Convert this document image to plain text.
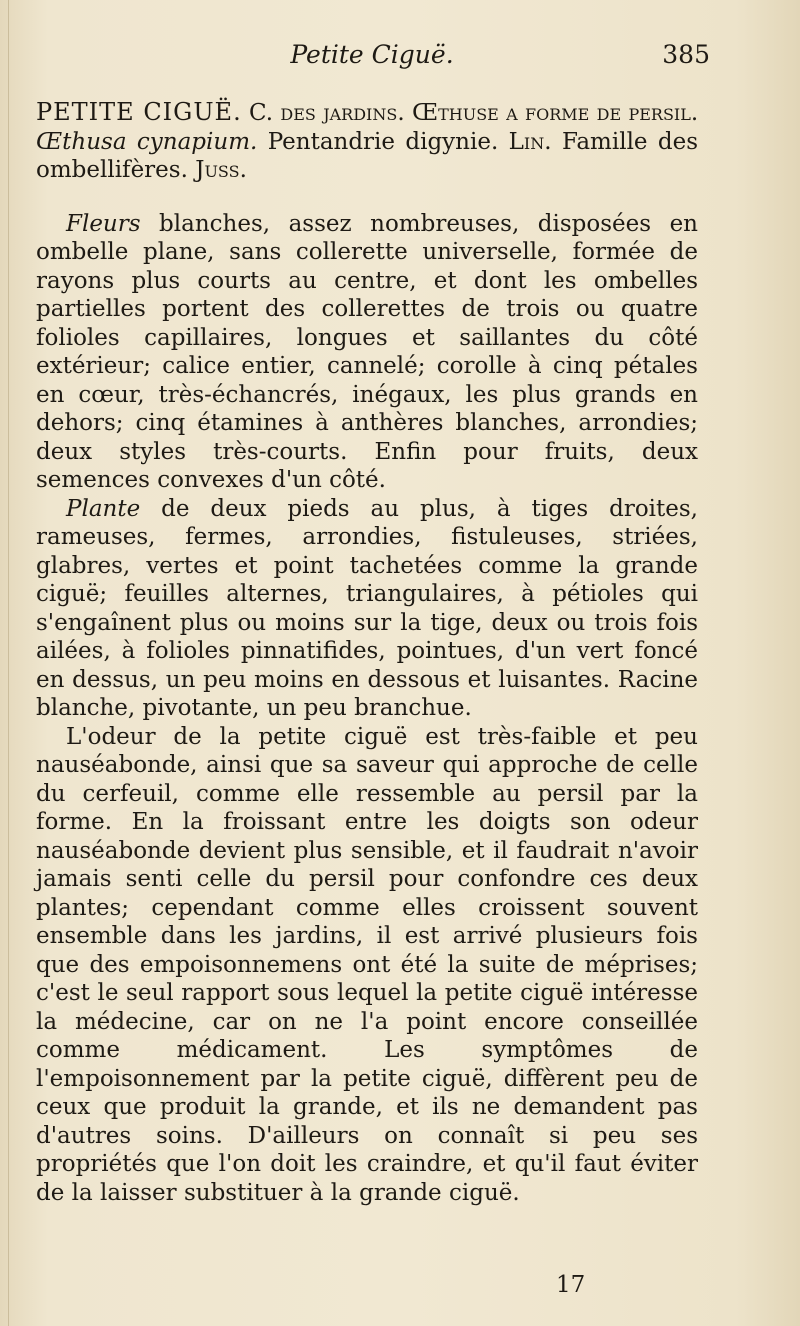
Petite Ciguë.	385

PETITE CIGUË. C. des jardins. Œthuse a forme de persil.

Œthusa cynapium. Pentandrie digynie. Lin. Famille des ombellifères. Juss.

Fleurs blanches, assez nombreuses, disposées en ombelle plane, sans collerette universelle, formée de rayons plus courts au centre, et dont les ombelles partielles portent des collerettes de trois ou quatre folioles capillaires, longues et saillantes du côté extérieur; calice entier, cannelé; corolle à cinq pétales en cœur, très-échancrés, inégaux, les plus grands en dehors; cinq étamines à anthères blanches, arrondies; deux styles très-courts. Enfin pour fruits, deux semences convexes d'un côté.

Plante de deux pieds au plus, à tiges droites, rameuses, fermes, arrondies, fistuleuses, striées, glabres, vertes et point tachetées comme la grande ciguë; feuilles alternes, triangulaires, à pétioles qui s'engaînent plus ou moins sur la tige, deux ou trois fois ailées, à folioles pinnatifides, pointues, d'un vert foncé en dessus, un peu moins en dessous et luisantes. Racine blanche, pivotante, un peu branchue.

L'odeur de la petite ciguë est très-faible et peu nauséabonde, ainsi que sa saveur qui approche de celle du cerfeuil, comme elle ressemble au persil par la forme. En la froissant entre les doigts son odeur nauséabonde devient plus sensible, et il faudrait n'avoir jamais senti celle du persil pour confondre ces deux plantes; cependant comme elles croissent souvent ensemble dans les jardins, il est arrivé plusieurs fois que des empoisonnemens ont été la suite de méprises; c'est le seul rapport sous lequel la petite ciguë intéresse la médecine, car on ne l'a point encore conseillée comme médicament. Les symptômes de l'empoisonnement par la petite ciguë, diffèrent peu de ceux que produit la grande, et ils ne demandent pas d'autres soins. D'ailleurs on connaît si peu ses propriétés que l'on doit les craindre, et qu'il faut éviter de la laisser substituer à la grande ciguë.

17
